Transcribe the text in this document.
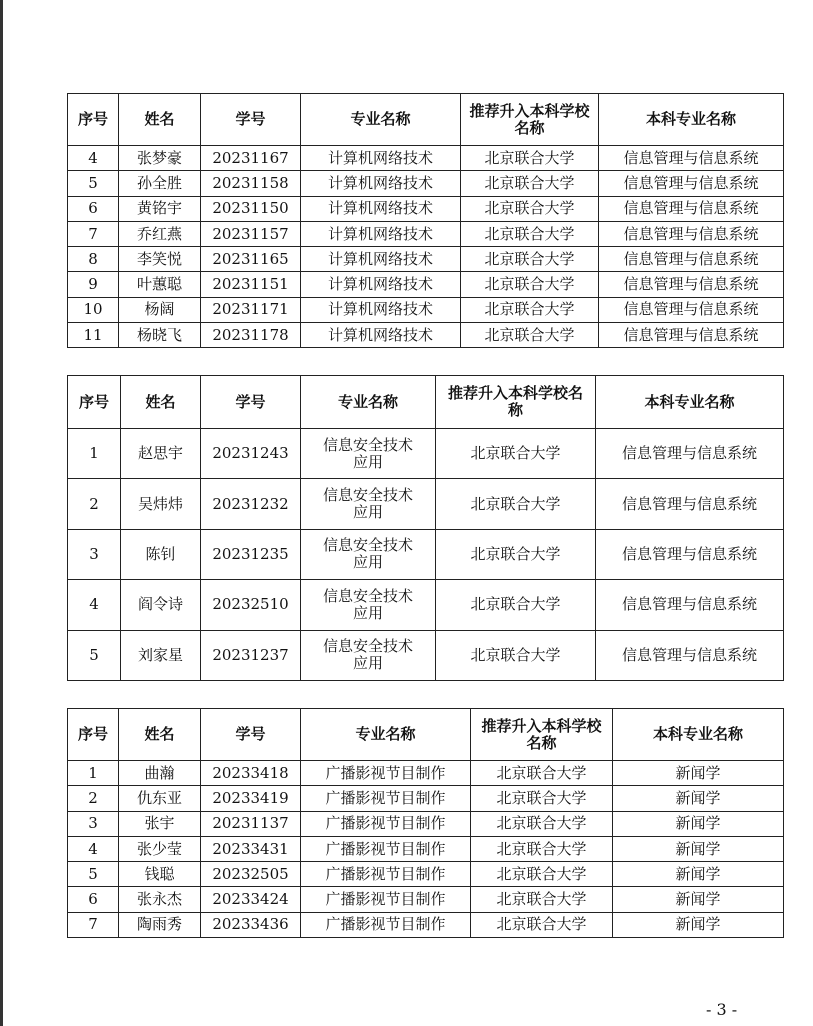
序号	姓名	学号	专业名称	推荐升入本科学校名称	本科专业名称
4	张梦豪	20231167	计算机网络技术	北京联合大学	信息管理与信息系统
5	孙全胜	20231158	计算机网络技术	北京联合大学	信息管理与信息系统
6	黄铭宇	20231150	计算机网络技术	北京联合大学	信息管理与信息系统
7	乔红燕	20231157	计算机网络技术	北京联合大学	信息管理与信息系统
8	李笑悦	20231165	计算机网络技术	北京联合大学	信息管理与信息系统
9	叶蕙聪	20231151	计算机网络技术	北京联合大学	信息管理与信息系统
10	杨阔	20231171	计算机网络技术	北京联合大学	信息管理与信息系统
11	杨晓飞	20231178	计算机网络技术	北京联合大学	信息管理与信息系统
序号	姓名	学号	专业名称	推荐升入本科学校名称	本科专业名称
1	赵思宇	20231243	信息安全技术应用	北京联合大学	信息管理与信息系统
2	吴炜炜	20231232	信息安全技术应用	北京联合大学	信息管理与信息系统
3	陈钊	20231235	信息安全技术应用	北京联合大学	信息管理与信息系统
4	阎令诗	20232510	信息安全技术应用	北京联合大学	信息管理与信息系统
5	刘家星	20231237	信息安全技术应用	北京联合大学	信息管理与信息系统
序号	姓名	学号	专业名称	推荐升入本科学校名称	本科专业名称
1	曲瀚	20233418	广播影视节目制作	北京联合大学	新闻学
2	仇东亚	20233419	广播影视节目制作	北京联合大学	新闻学
3	张宇	20231137	广播影视节目制作	北京联合大学	新闻学
4	张少莹	20233431	广播影视节目制作	北京联合大学	新闻学
5	钱聪	20232505	广播影视节目制作	北京联合大学	新闻学
6	张永杰	20233424	广播影视节目制作	北京联合大学	新闻学
7	陶雨秀	20233436	广播影视节目制作	北京联合大学	新闻学
- 3 -
